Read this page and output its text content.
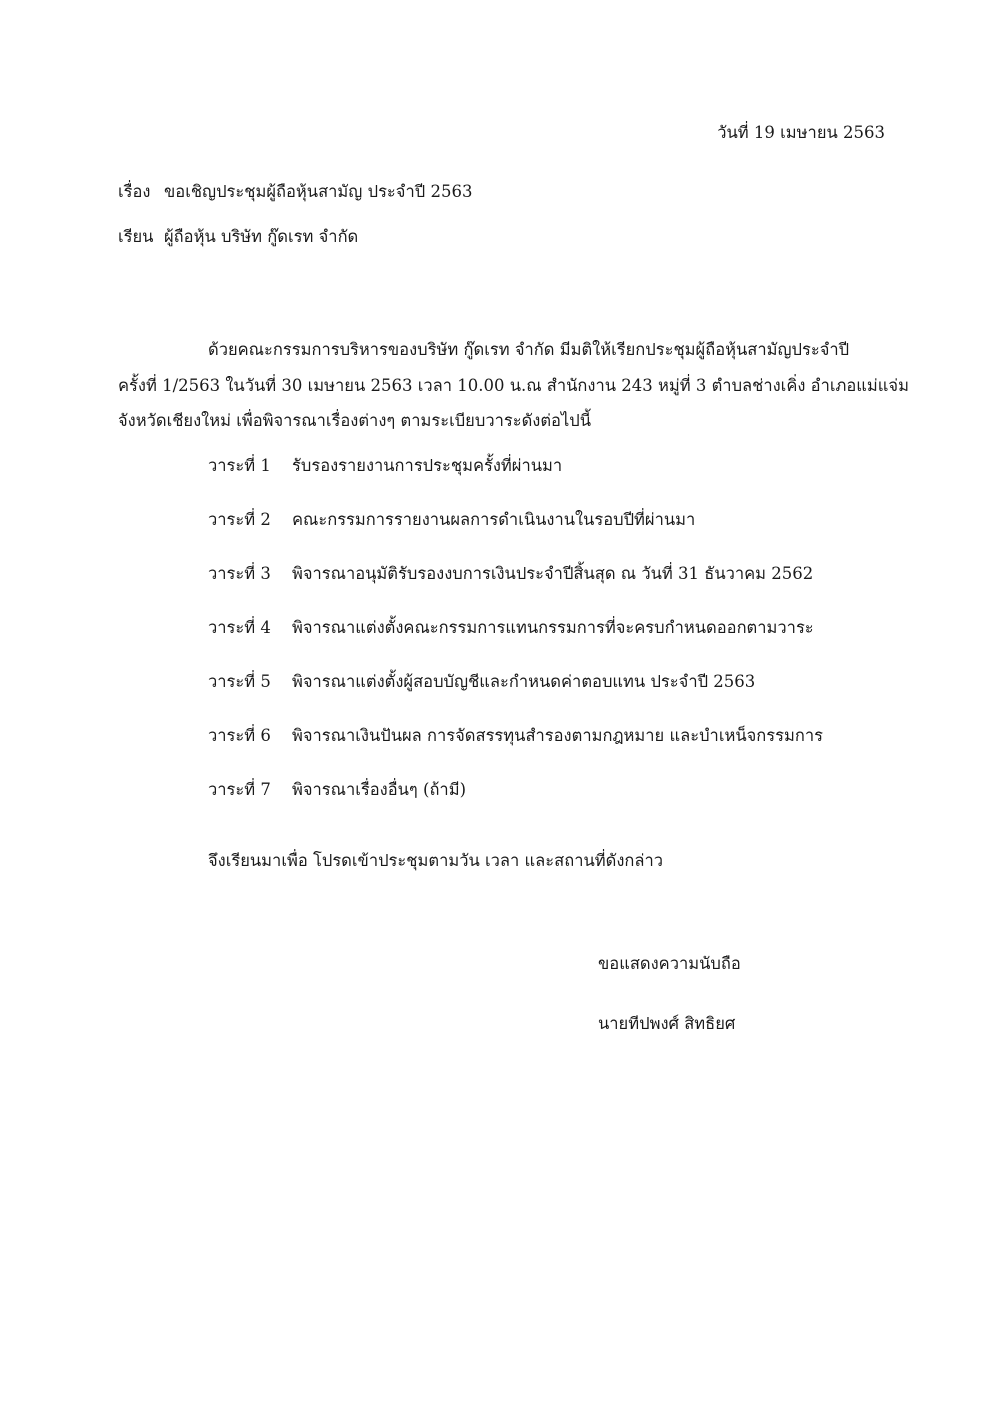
วันที่ 19 เมษายน 2563
เรื่อง ขอเชิญประชุมผู้ถือหุ้นสามัญ ประจำปี 2563
เรียน ผู้ถือหุ้น บริษัท กู๊ดเรท จำกัด
ด้วยคณะกรรมการบริหารของบริษัท กู๊ดเรท จำกัด มีมติให้เรียกประชุมผู้ถือหุ้นสามัญประจำปี
ครั้งที่ 1/2563 ในวันที่ 30 เมษายน 2563 เวลา 10.00 น.ณ สำนักงาน 243 หมู่ที่ 3 ตำบลช่างเคิ่ง อำเภอแม่แจ่ม
จังหวัดเชียงใหม่ เพื่อพิจารณาเรื่องต่างๆ ตามระเบียบวาระดังต่อไปนี้
วาระที่ 1 รับรองรายงานการประชุมครั้งที่ผ่านมา
วาระที่ 2 คณะกรรมการรายงานผลการดำเนินงานในรอบปีที่ผ่านมา
วาระที่ 3 พิจารณาอนุมัติรับรองงบการเงินประจำปีสิ้นสุด ณ วันที่ 31 ธันวาคม 2562
วาระที่ 4 พิจารณาแต่งตั้งคณะกรรมการแทนกรรมการที่จะครบกำหนดออกตามวาระ
วาระที่ 5 พิจารณาแต่งตั้งผู้สอบบัญชีและกำหนดค่าตอบแทน ประจำปี 2563
วาระที่ 6 พิจารณาเงินปันผล การจัดสรรทุนสำรองตามกฎหมาย และบำเหน็จกรรมการ
วาระที่ 7 พิจารณาเรื่องอื่นๆ (ถ้ามี)
จึงเรียนมาเพื่อ โปรดเข้าประชุมตามวัน เวลา และสถานที่ดังกล่าว
ขอแสดงความนับถือ
นายทีปพงศ์ สิทธิยศ
